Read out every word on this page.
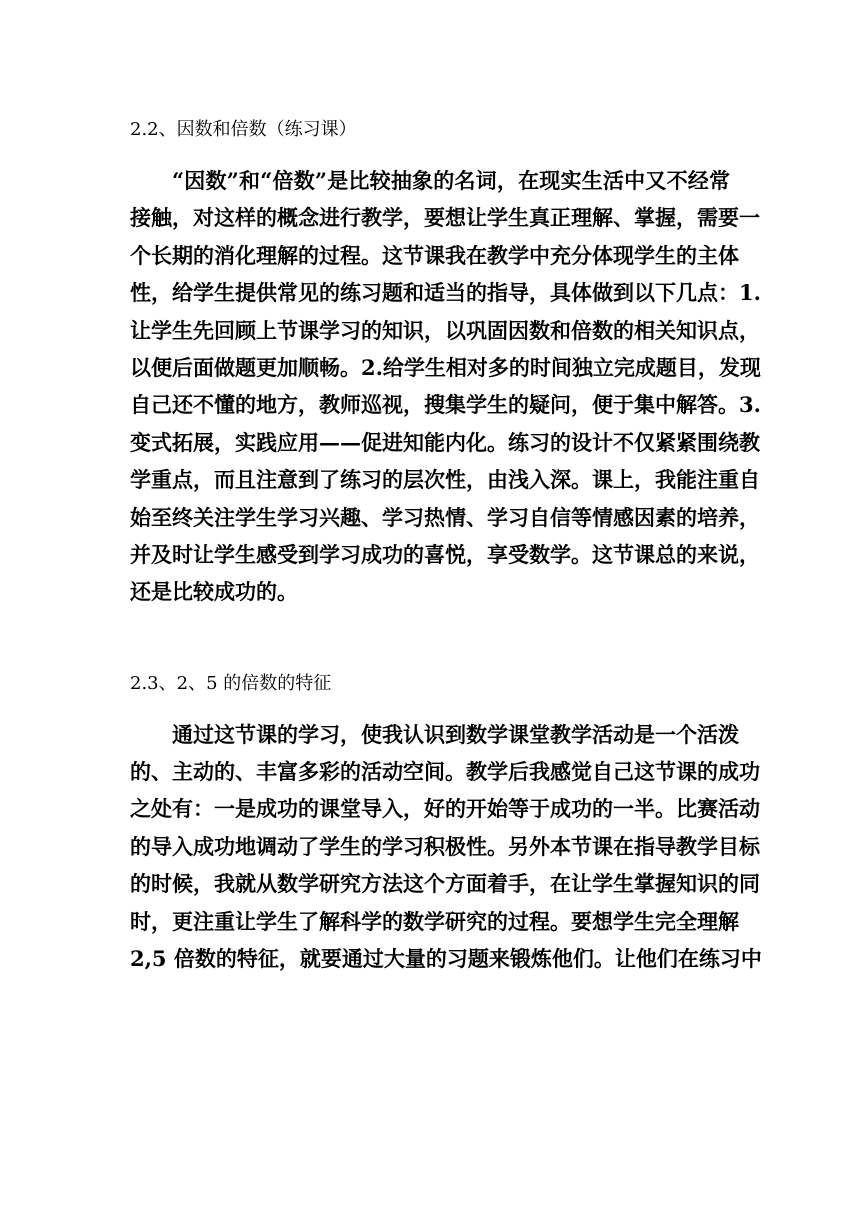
2.2、因数和倍数（练习课）
“因数”和“倍数”是比较抽象的名词，在现实生活中又不经常
接触，对这样的概念进行教学，要想让学生真正理解、掌握，需要一
个长期的消化理解的过程。这节课我在教学中充分体现学生的主体
性，给学生提供常见的练习题和适当的指导，具体做到以下几点：1.
让学生先回顾上节课学习的知识，以巩固因数和倍数的相关知识点，
以便后面做题更加顺畅。2.给学生相对多的时间独立完成题目，发现
自己还不懂的地方，教师巡视，搜集学生的疑问，便于集中解答。3.
变式拓展，实践应用——促进知能内化。练习的设计不仅紧紧围绕教
学重点，而且注意到了练习的层次性，由浅入深。课上，我能注重自
始至终关注学生学习兴趣、学习热情、学习自信等情感因素的培养，
并及时让学生感受到学习成功的喜悦，享受数学。这节课总的来说，
还是比较成功的。
2.3、2、5 的倍数的特征
通过这节课的学习，使我认识到数学课堂教学活动是一个活泼
的、主动的、丰富多彩的活动空间。教学后我感觉自己这节课的成功
之处有：一是成功的课堂导入，好的开始等于成功的一半。比赛活动
的导入成功地调动了学生的学习积极性。另外本节课在指导教学目标
的时候，我就从数学研究方法这个方面着手，在让学生掌握知识的同
时，更注重让学生了解科学的数学研究的过程。要想学生完全理解
2,5 倍数的特征，就要通过大量的习题来锻炼他们。让他们在练习中
